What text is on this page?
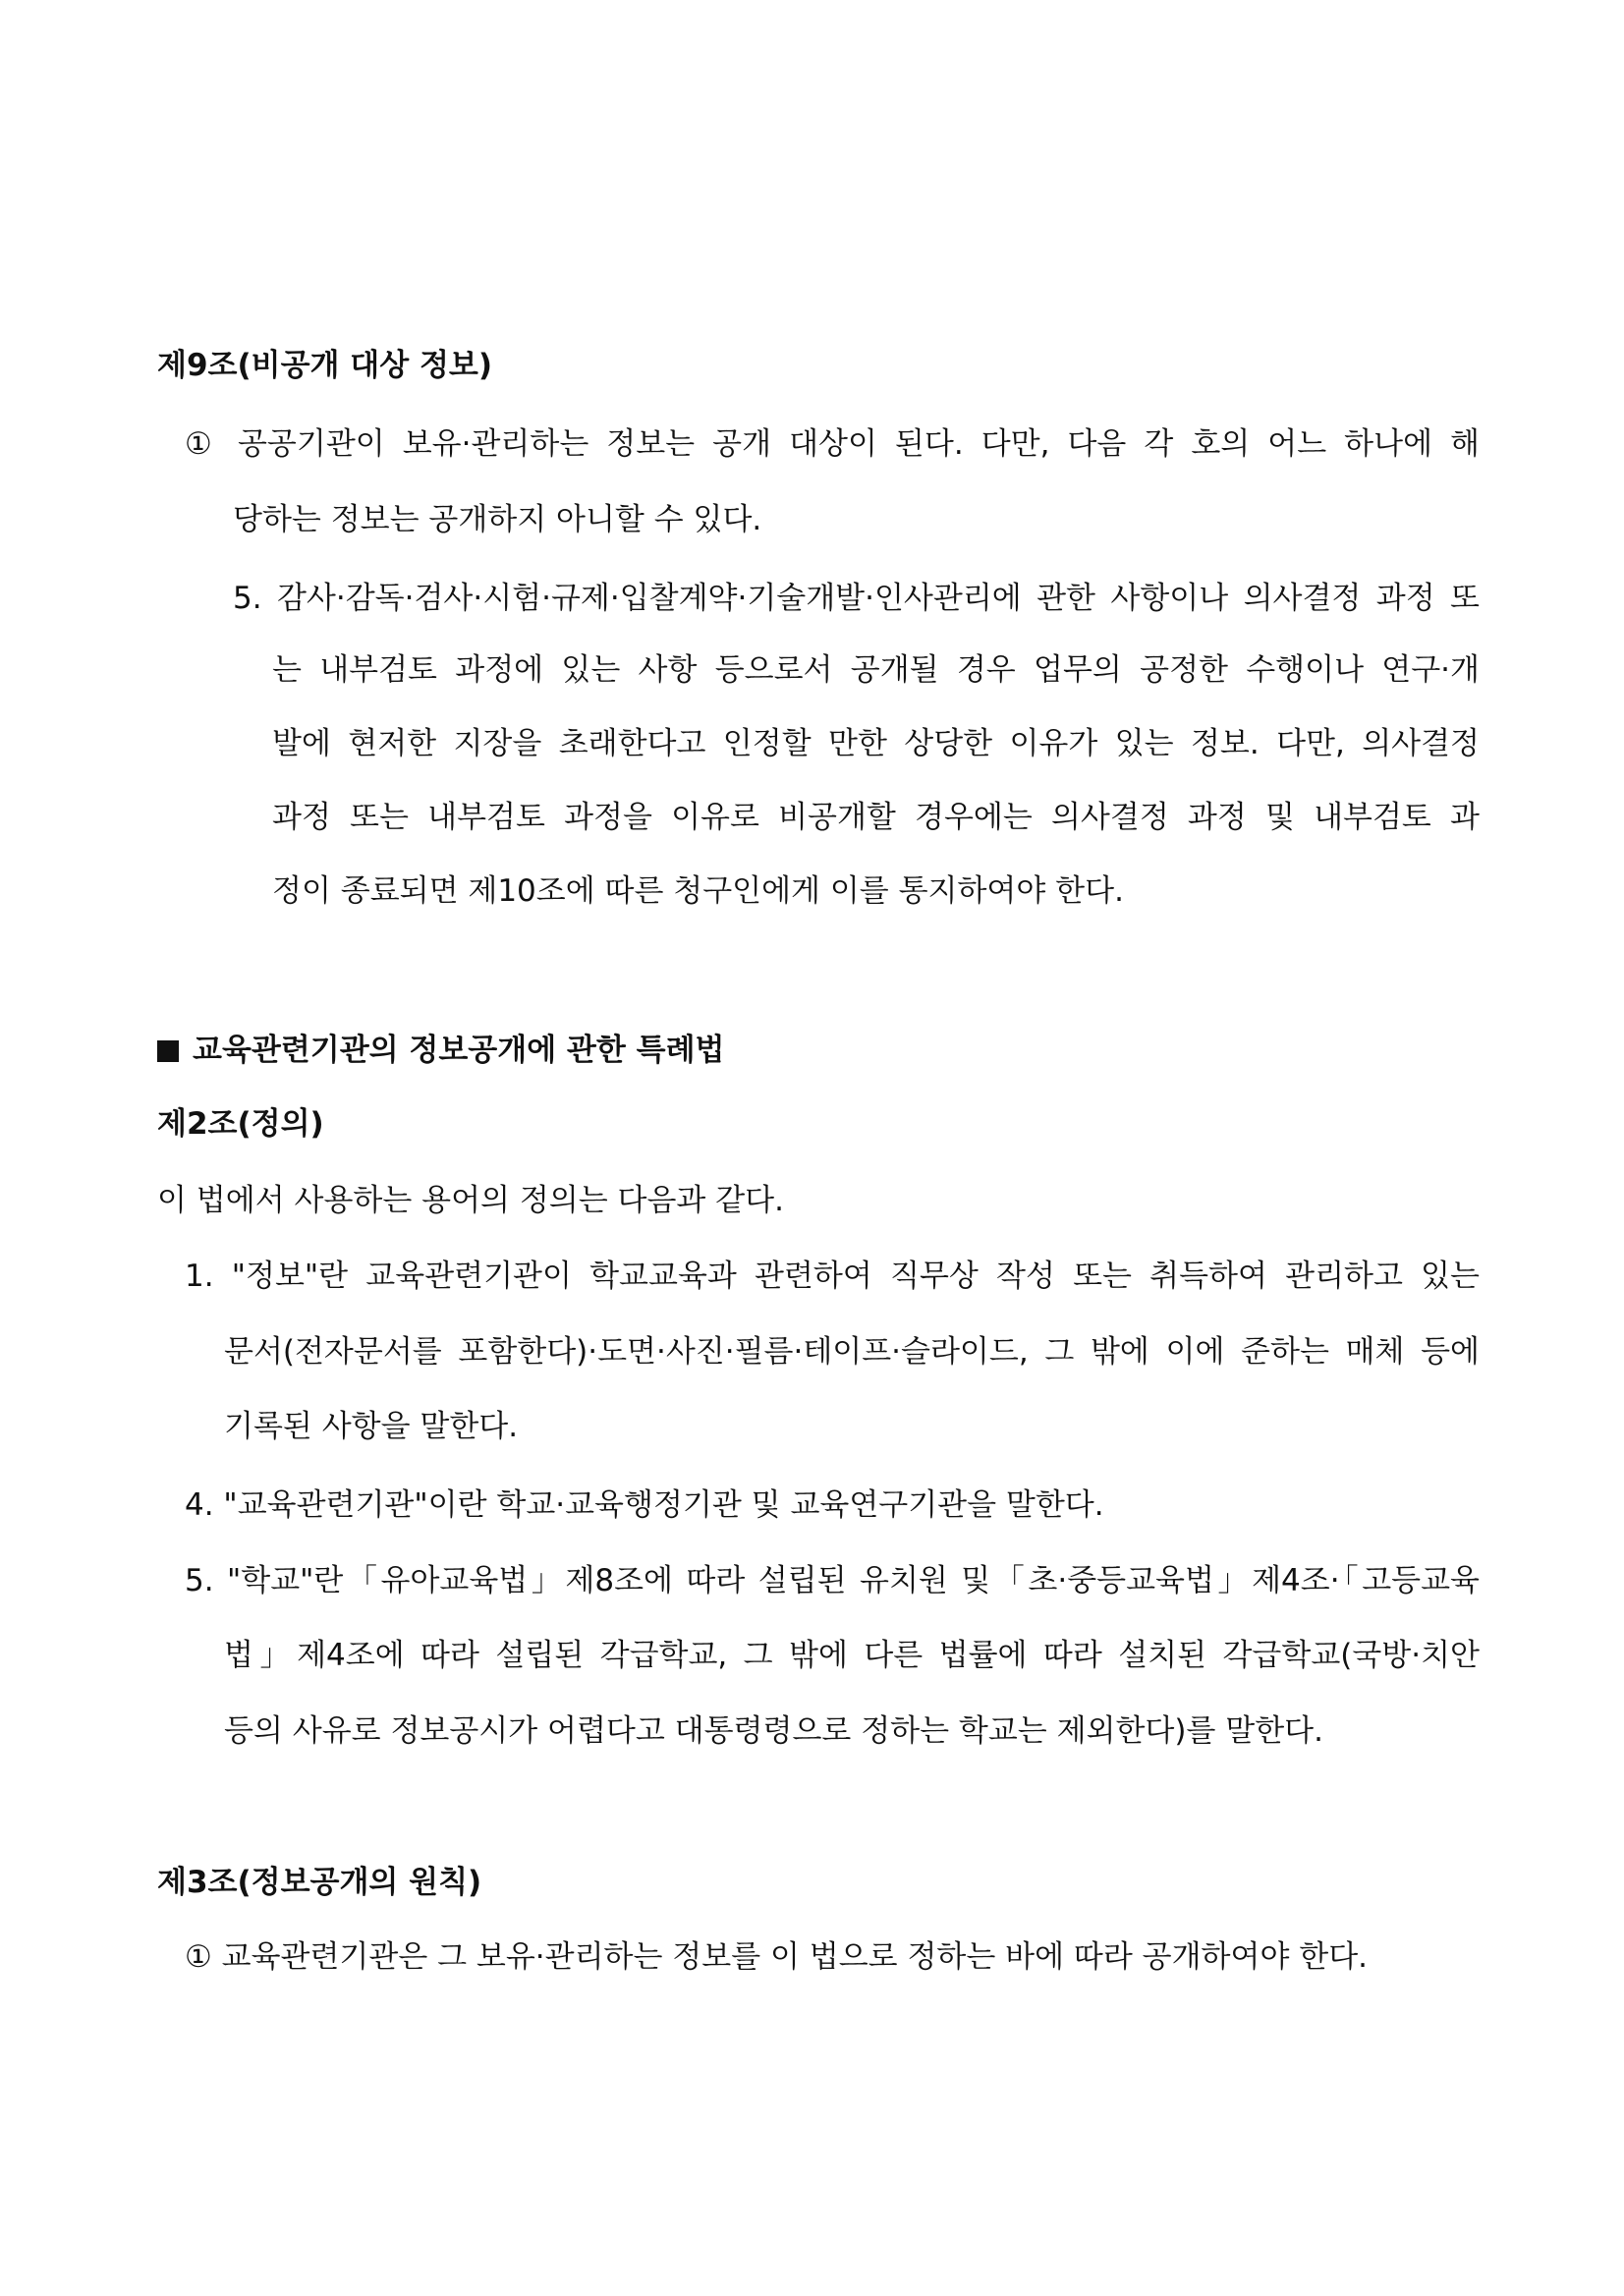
제9조(비공개 대상 정보)
① 공공기관이 보유·관리하는 정보는 공개 대상이 된다. 다만, 다음 각 호의 어느 하나에 해
당하는 정보는 공개하지 아니할 수 있다.
5. 감사·감독·검사·시험·규제·입찰계약·기술개발·인사관리에 관한 사항이나 의사결정 과정 또
는 내부검토 과정에 있는 사항 등으로서 공개될 경우 업무의 공정한 수행이나 연구·개
발에 현저한 지장을 초래한다고 인정할 만한 상당한 이유가 있는 정보. 다만, 의사결정
과정 또는 내부검토 과정을 이유로 비공개할 경우에는 의사결정 과정 및 내부검토 과
정이 종료되면 제10조에 따른 청구인에게 이를 통지하여야 한다.
교육관련기관의 정보공개에 관한 특례법
제2조(정의)
이 법에서 사용하는 용어의 정의는 다음과 같다.
1. "정보"란 교육관련기관이 학교교육과 관련하여 직무상 작성 또는 취득하여 관리하고 있는
문서(전자문서를 포함한다)·도면·사진·필름·테이프·슬라이드, 그 밖에 이에 준하는 매체 등에
기록된 사항을 말한다.
4. "교육관련기관"이란 학교·교육행정기관 및 교육연구기관을 말한다.
5. "학교"란「유아교육법」제8조에 따라 설립된 유치원 및「초·중등교육법」제4조·「고등교육
법」제4조에 따라 설립된 각급학교, 그 밖에 다른 법률에 따라 설치된 각급학교(국방·치안
등의 사유로 정보공시가 어렵다고 대통령령으로 정하는 학교는 제외한다)를 말한다.
제3조(정보공개의 원칙)
① 교육관련기관은 그 보유·관리하는 정보를 이 법으로 정하는 바에 따라 공개하여야 한다.
